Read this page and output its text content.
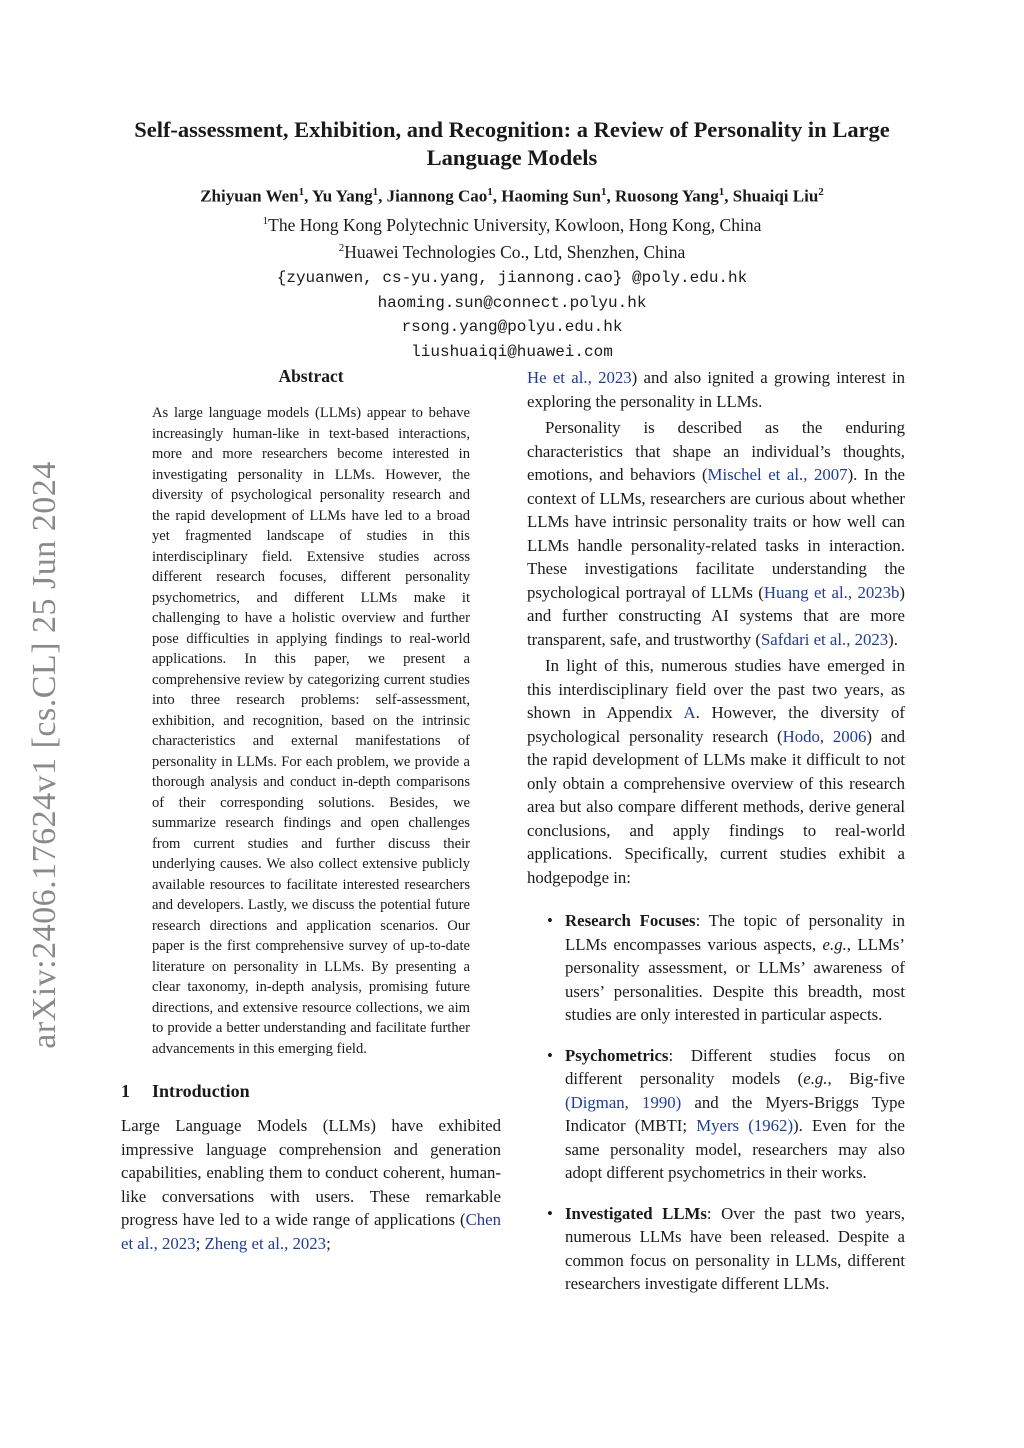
arXiv:2406.17624v1 [cs.CL] 25 Jun 2024
Self-assessment, Exhibition, and Recognition: a Review of Personality in Large Language Models
Zhiyuan Wen$^1$, Yu Yang$^1$, Jiannong Cao$^1$, Haoming Sun$^1$, Ruosong Yang$^1$, Shuaiqi Liu$^2$
$^1$The Hong Kong Polytechnic University, Kowloon, Hong Kong, China
$^2$Huawei Technologies Co., Ltd, Shenzhen, China
{zyuanwen, cs-yu.yang, jiannong.cao} @poly.edu.hk
haoming.sun@connect.polyu.hk
rsong.yang@polyu.edu.hk
liushuaiqi@huawei.com
Abstract

As large language models (LLMs) appear to behave increasingly human-like in text-based interactions, more and more researchers become interested in investigating personality in LLMs. However, the diversity of psychological personality research and the rapid development of LLMs have led to a broad yet fragmented landscape of studies in this interdisciplinary field. Extensive studies across different research focuses, different personality psychometrics, and different LLMs make it challenging to have a holistic overview and further pose difficulties in applying findings to real-world applications. In this paper, we present a comprehensive review by categorizing current studies into three research problems: self-assessment, exhibition, and recognition, based on the intrinsic characteristics and external manifestations of personality in LLMs. For each problem, we provide a thorough analysis and conduct in-depth comparisons of their corresponding solutions. Besides, we summarize research findings and open challenges from current studies and further discuss their underlying causes. We also collect extensive publicly available resources to facilitate interested researchers and developers. Lastly, we discuss the potential future research directions and application scenarios. Our paper is the first comprehensive survey of up-to-date literature on personality in LLMs. By presenting a clear taxonomy, in-depth analysis, promising future directions, and extensive resource collections, we aim to provide a better understanding and facilitate further advancements in this emerging field.

1 Introduction

Large Language Models (LLMs) have exhibited impressive language comprehension and generation capabilities, enabling them to conduct coherent, human-like conversations with users. These remarkable progress have led to a wide range of applications (Chen et al., 2023; Zheng et al., 2023;

He et al., 2023) and also ignited a growing interest in exploring the personality in LLMs.

Personality is described as the enduring characteristics that shape an individual’s thoughts, emotions, and behaviors (Mischel et al., 2007). In the context of LLMs, researchers are curious about whether LLMs have intrinsic personality traits or how well can LLMs handle personality-related tasks in interaction. These investigations facilitate understanding the psychological portrayal of LLMs (Huang et al., 2023b) and further constructing AI systems that are more transparent, safe, and trustworthy (Safdari et al., 2023).

In light of this, numerous studies have emerged in this interdisciplinary field over the past two years, as shown in Appendix A. However, the diversity of psychological personality research (Hodo, 2006) and the rapid development of LLMs make it difficult to not only obtain a comprehensive overview of this research area but also compare different methods, derive general conclusions, and apply findings to real-world applications. Specifically, current studies exhibit a hodgepodge in:

• Research Focuses: The topic of personality in LLMs encompasses various aspects, e.g., LLMs’ personality assessment, or LLMs’ awareness of users’ personalities. Despite this breadth, most studies are only interested in particular aspects.
• Psychometrics: Different studies focus on different personality models (e.g., Big-five (Digman, 1990) and the Myers-Briggs Type Indicator (MBTI; Myers (1962)). Even for the same personality model, researchers may also adopt different psychometrics in their works.
• Investigated LLMs: Over the past two years, numerous LLMs have been released. Despite a common focus on personality in LLMs, different researchers investigate different LLMs.
